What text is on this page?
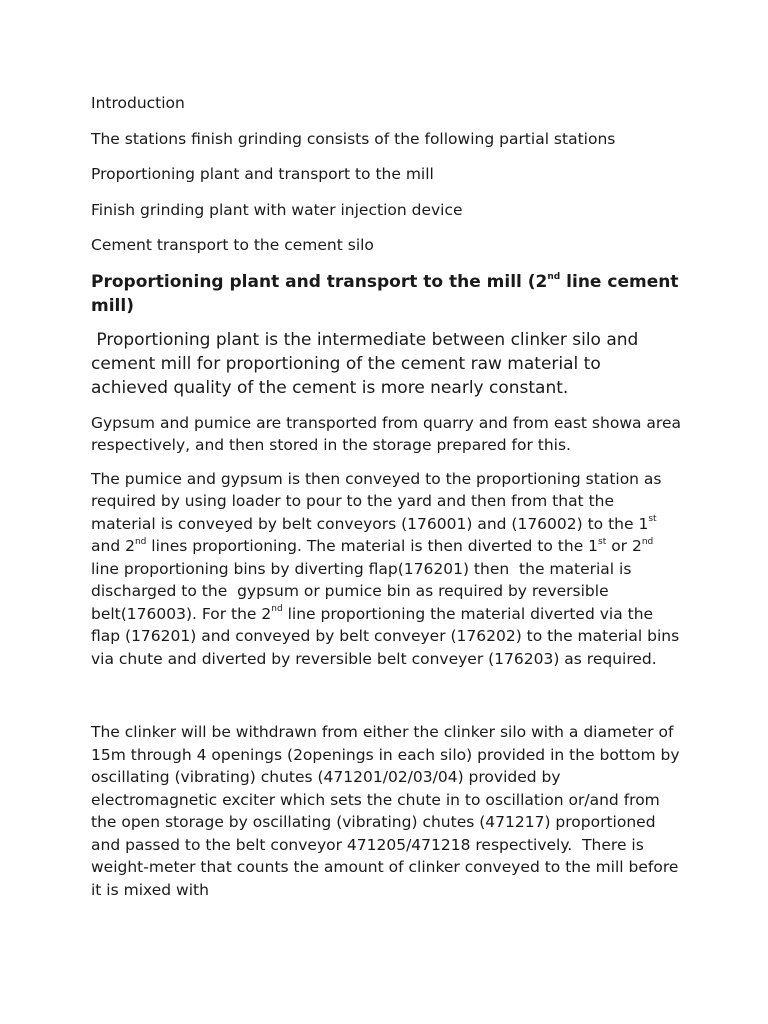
Introduction

The stations finish grinding consists of the following partial stations

Proportioning plant and transport to the mill

Finish grinding plant with water injection device

Cement transport to the cement silo

Proportioning plant and transport to the mill (2nd line cement mill)

Proportioning plant is the intermediate between clinker silo and cement mill for proportioning of the cement raw material to achieved quality of the cement is more nearly constant.

Gypsum and pumice are transported from quarry and from east showa area respectively, and then stored in the storage prepared for this.

The pumice and gypsum is then conveyed to the proportioning station as required by using loader to pour to the yard and then from that the material is conveyed by belt conveyors (176001) and (176002) to the 1st and 2nd lines proportioning. The material is then diverted to the 1st or 2nd line proportioning bins by diverting flap(176201) then  the material is discharged to the  gypsum or pumice bin as required by reversible belt(176003). For the 2nd line proportioning the material diverted via the flap (176201) and conveyed by belt conveyer (176202) to the material bins via chute and diverted by reversible belt conveyer (176203) as required.

The clinker will be withdrawn from either the clinker silo with a diameter of 15m through 4 openings (2openings in each silo) provided in the bottom by oscillating (vibrating) chutes (471201/02/03/04) provided by electromagnetic exciter which sets the chute in to oscillation or/and from the open storage by oscillating (vibrating) chutes (471217) proportioned and passed to the belt conveyor 471205/471218 respectively.  There is weight-meter that counts the amount of clinker conveyed to the mill before it is mixed with
